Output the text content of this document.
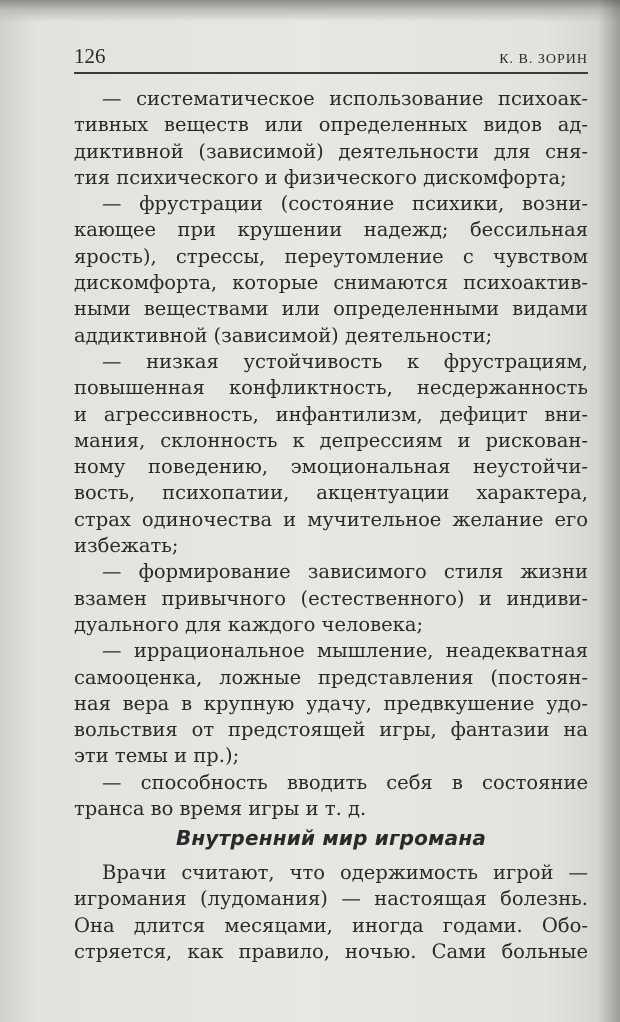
126	К. В. ЗОРИН
— систематическое использование психоак-
тивных веществ или определенных видов ад-
диктивной (зависимой) деятельности для сня-
тия психического и физического дискомфорта;
— фрустрации (состояние психики, возни-
кающее при крушении надежд; бессильная
ярость), стрессы, переутомление с чувством
дискомфорта, которые снимаются психоактив-
ными веществами или определенными видами
аддиктивной (зависимой) деятельности;
— низкая устойчивость к фрустрациям,
повышенная конфликтность, несдержанность
и агрессивность, инфантилизм, дефицит вни-
мания, склонность к депрессиям и рискован-
ному поведению, эмоциональная неустойчи-
вость, психопатии, акцентуации характера,
страх одиночества и мучительное желание его
избежать;
— формирование зависимого стиля жизни
взамен привычного (естественного) и индиви-
дуального для каждого человека;
— иррациональное мышление, неадекватная
самооценка, ложные представления (постоян-
ная вера в крупную удачу, предвкушение удо-
вольствия от предстоящей игры, фантазии на
эти темы и пр.);
— способность вводить себя в состояние
транса во время игры и т. д.
Внутренний мир игромана
Врачи считают, что одержимость игрой —
игромания (лудомания) — настоящая болезнь.
Она длится месяцами, иногда годами. Обо-
стряется, как правило, ночью. Сами больные
